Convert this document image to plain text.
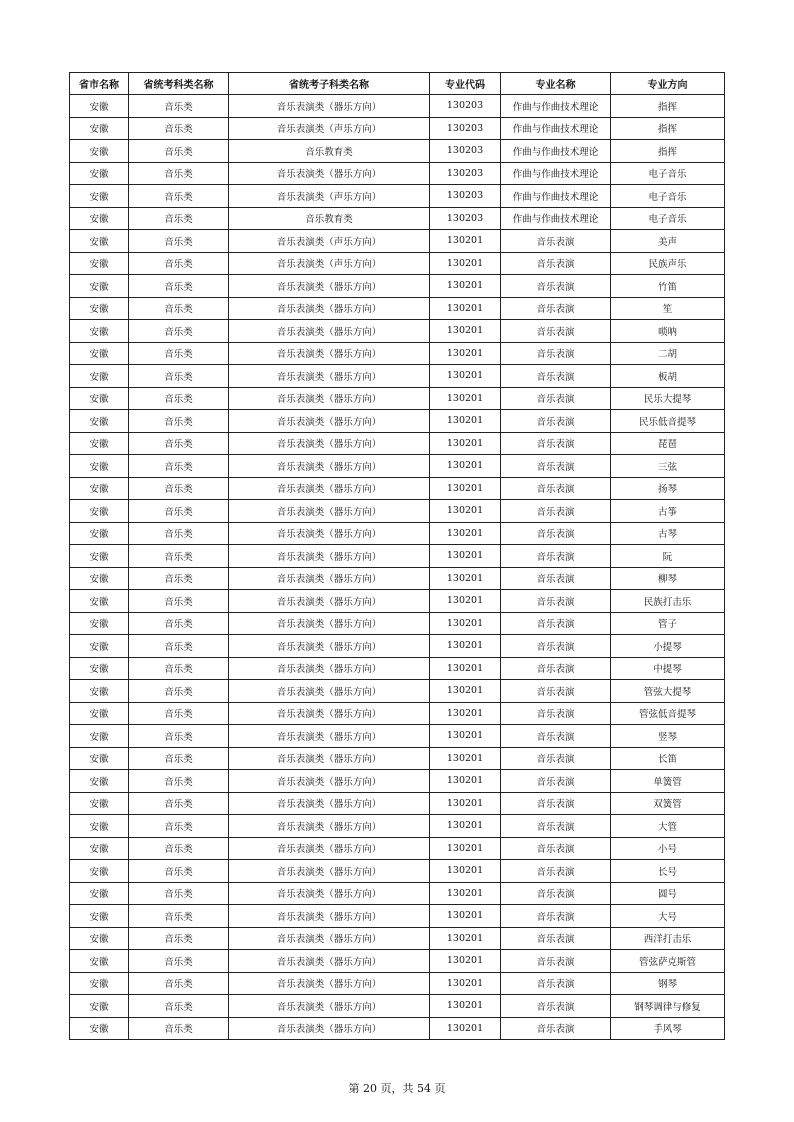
省市名称	省统考科类名称	省统考子科类名称	专业代码	专业名称	专业方向
安徽	音乐类	音乐表演类（器乐方向）	130203	作曲与作曲技术理论	指挥
安徽	音乐类	音乐表演类（声乐方向）	130203	作曲与作曲技术理论	指挥
安徽	音乐类	音乐教育类	130203	作曲与作曲技术理论	指挥
安徽	音乐类	音乐表演类（器乐方向）	130203	作曲与作曲技术理论	电子音乐
安徽	音乐类	音乐表演类（声乐方向）	130203	作曲与作曲技术理论	电子音乐
安徽	音乐类	音乐教育类	130203	作曲与作曲技术理论	电子音乐
安徽	音乐类	音乐表演类（声乐方向）	130201	音乐表演	美声
安徽	音乐类	音乐表演类（声乐方向）	130201	音乐表演	民族声乐
安徽	音乐类	音乐表演类（器乐方向）	130201	音乐表演	竹笛
安徽	音乐类	音乐表演类（器乐方向）	130201	音乐表演	笙
安徽	音乐类	音乐表演类（器乐方向）	130201	音乐表演	唢呐
安徽	音乐类	音乐表演类（器乐方向）	130201	音乐表演	二胡
安徽	音乐类	音乐表演类（器乐方向）	130201	音乐表演	板胡
安徽	音乐类	音乐表演类（器乐方向）	130201	音乐表演	民乐大提琴
安徽	音乐类	音乐表演类（器乐方向）	130201	音乐表演	民乐低音提琴
安徽	音乐类	音乐表演类（器乐方向）	130201	音乐表演	琵琶
安徽	音乐类	音乐表演类（器乐方向）	130201	音乐表演	三弦
安徽	音乐类	音乐表演类（器乐方向）	130201	音乐表演	扬琴
安徽	音乐类	音乐表演类（器乐方向）	130201	音乐表演	古筝
安徽	音乐类	音乐表演类（器乐方向）	130201	音乐表演	古琴
安徽	音乐类	音乐表演类（器乐方向）	130201	音乐表演	阮
安徽	音乐类	音乐表演类（器乐方向）	130201	音乐表演	柳琴
安徽	音乐类	音乐表演类（器乐方向）	130201	音乐表演	民族打击乐
安徽	音乐类	音乐表演类（器乐方向）	130201	音乐表演	管子
安徽	音乐类	音乐表演类（器乐方向）	130201	音乐表演	小提琴
安徽	音乐类	音乐表演类（器乐方向）	130201	音乐表演	中提琴
安徽	音乐类	音乐表演类（器乐方向）	130201	音乐表演	管弦大提琴
安徽	音乐类	音乐表演类（器乐方向）	130201	音乐表演	管弦低音提琴
安徽	音乐类	音乐表演类（器乐方向）	130201	音乐表演	竖琴
安徽	音乐类	音乐表演类（器乐方向）	130201	音乐表演	长笛
安徽	音乐类	音乐表演类（器乐方向）	130201	音乐表演	单簧管
安徽	音乐类	音乐表演类（器乐方向）	130201	音乐表演	双簧管
安徽	音乐类	音乐表演类（器乐方向）	130201	音乐表演	大管
安徽	音乐类	音乐表演类（器乐方向）	130201	音乐表演	小号
安徽	音乐类	音乐表演类（器乐方向）	130201	音乐表演	长号
安徽	音乐类	音乐表演类（器乐方向）	130201	音乐表演	圆号
安徽	音乐类	音乐表演类（器乐方向）	130201	音乐表演	大号
安徽	音乐类	音乐表演类（器乐方向）	130201	音乐表演	西洋打击乐
安徽	音乐类	音乐表演类（器乐方向）	130201	音乐表演	管弦萨克斯管
安徽	音乐类	音乐表演类（器乐方向）	130201	音乐表演	钢琴
安徽	音乐类	音乐表演类（器乐方向）	130201	音乐表演	钢琴调律与修复
安徽	音乐类	音乐表演类（器乐方向）	130201	音乐表演	手风琴
第 20 页，共 54 页
